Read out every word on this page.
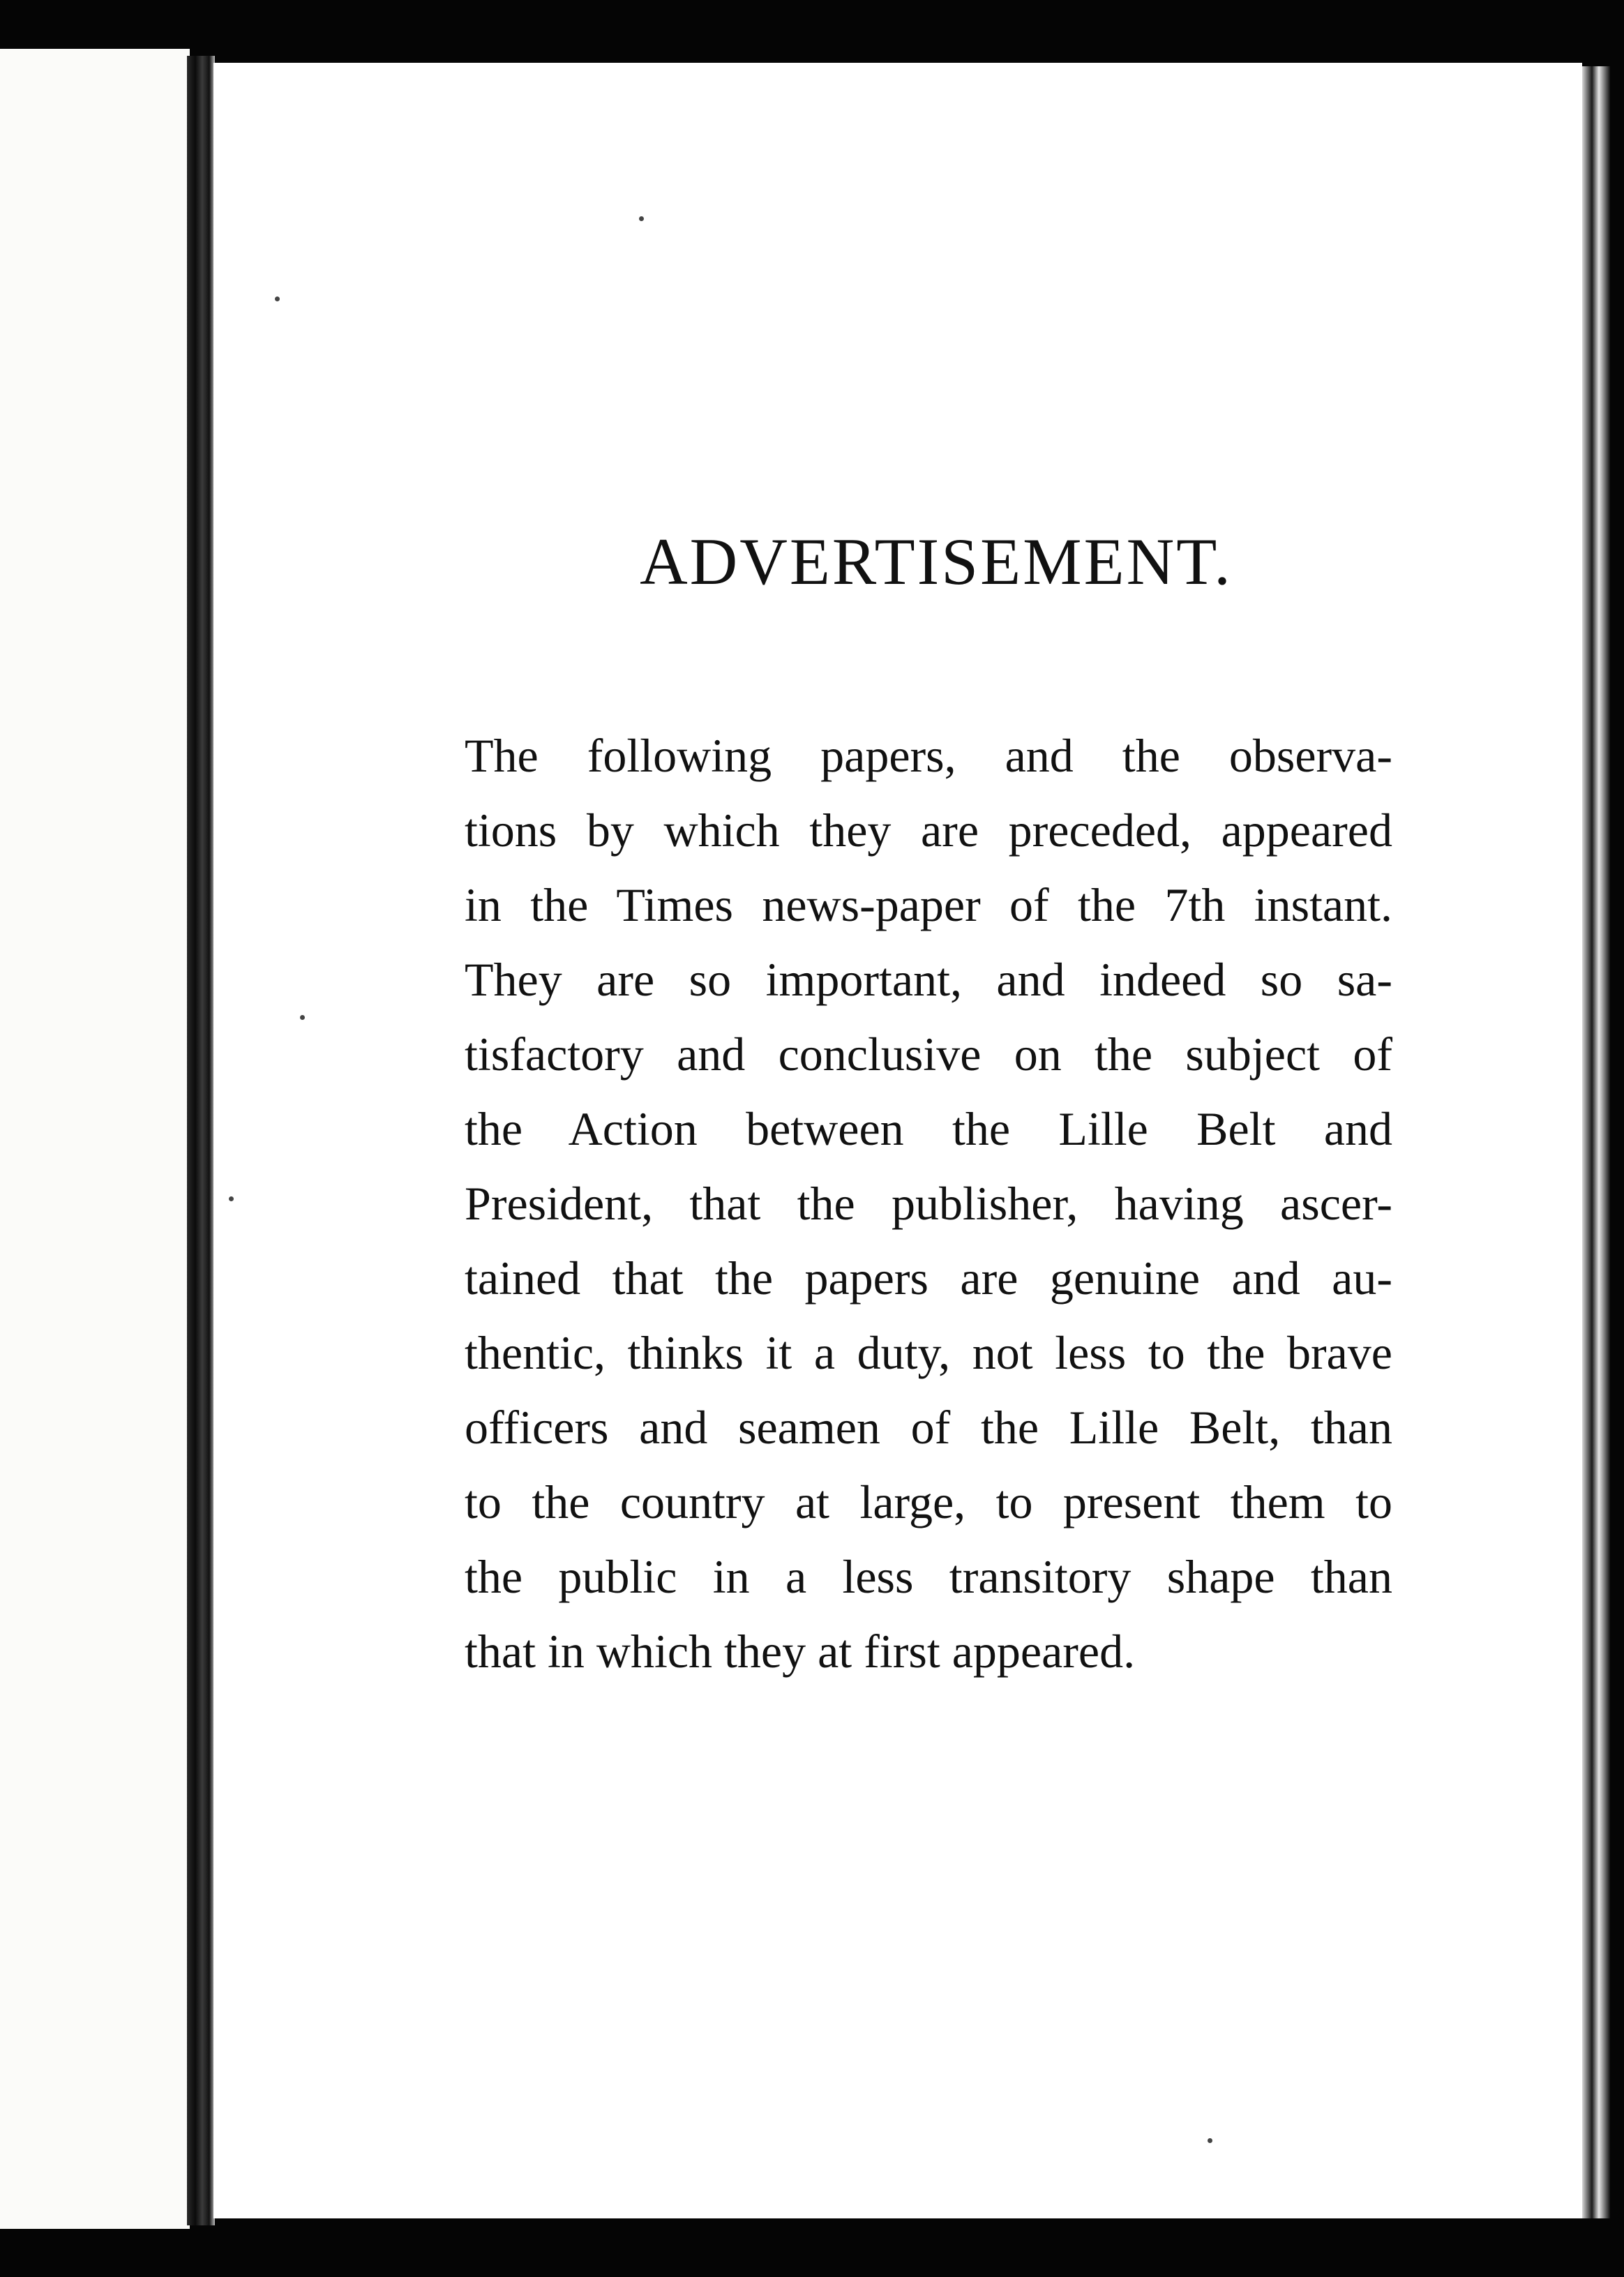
ADVERTISEMENT.
The following papers, and the observa-
tions by which they are preceded, appeared
in the Times news-paper of the 7th instant.
They are so important, and indeed so sa-
tisfactory and conclusive on the subject of
the Action between the Lille Belt and
President, that the publisher, having ascer-
tained that the papers are genuine and au-
thentic, thinks it a duty, not less to the brave
officers and seamen of the Lille Belt, than
to the country at large, to present them to
the public in a less transitory shape than
that in which they at first appeared.
